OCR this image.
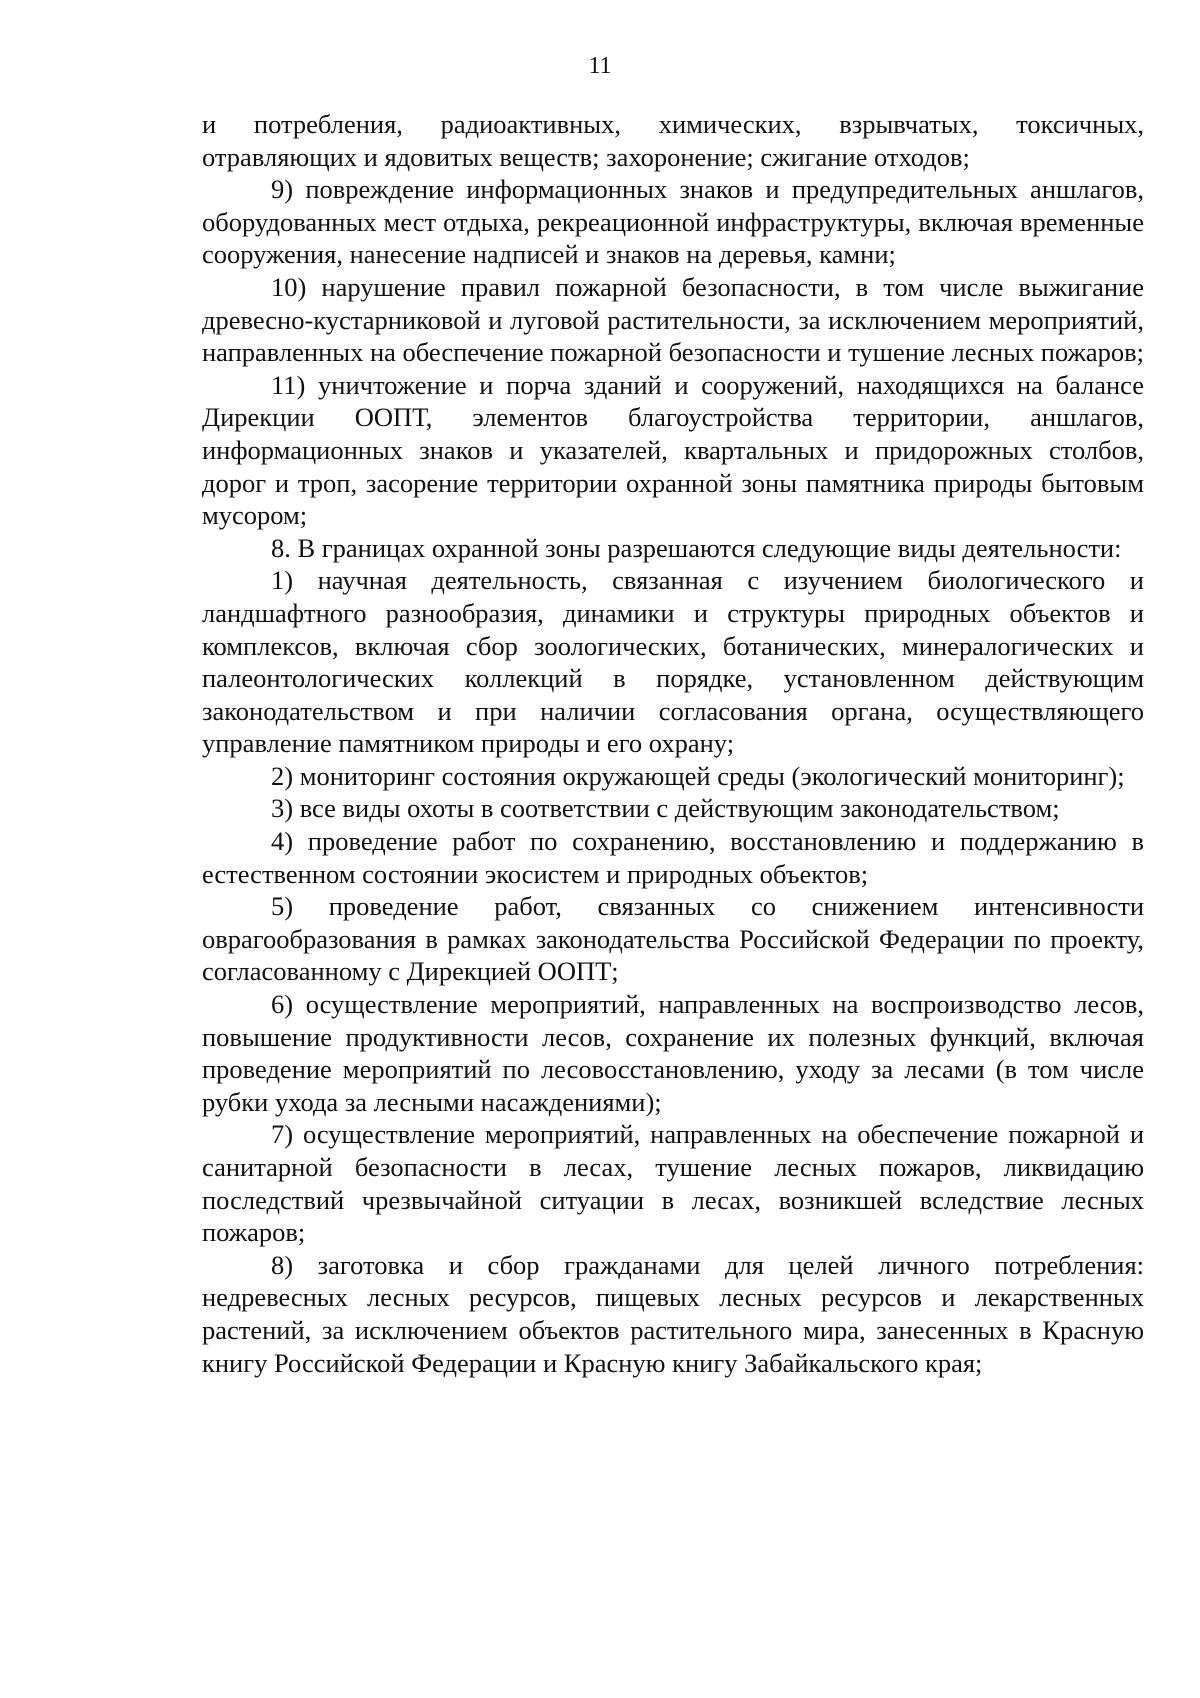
11

и потребления, радиоактивных, химических, взрывчатых, токсичных, отравляющих и ядовитых веществ; захоронение; сжигание отходов;

9) повреждение информационных знаков и предупредительных аншлагов, оборудованных мест отдыха, рекреационной инфраструктуры, включая временные сооружения, нанесение надписей и знаков на деревья, камни;

10) нарушение правил пожарной безопасности, в том числе выжигание древесно-кустарниковой и луговой растительности, за исключением мероприятий, направленных на обеспечение пожарной безопасности и тушение лесных пожаров;

11) уничтожение и порча зданий и сооружений, находящихся на балансе Дирекции ООПТ, элементов благоустройства территории, аншлагов, информационных знаков и указателей, квартальных и придорожных столбов, дорог и троп, засорение территории охранной зоны памятника природы бытовым мусором;

8. В границах охранной зоны разрешаются следующие виды деятельности:

1) научная деятельность, связанная с изучением биологического и ландшафтного разнообразия, динамики и структуры природных объектов и комплексов, включая сбор зоологических, ботанических, минералогических и палеонтологических коллекций в порядке, установленном действующим законодательством и при наличии согласования органа, осуществляющего управление памятником природы и его охрану;

2) мониторинг состояния окружающей среды (экологический мониторинг);

3) все виды охоты в соответствии с действующим законодательством;

4) проведение работ по сохранению, восстановлению и поддержанию в естественном состоянии экосистем и природных объектов;

5) проведение работ, связанных со снижением интенсивности оврагообразования в рамках законодательства Российской Федерации по проекту, согласованному с Дирекцией ООПТ;

6) осуществление мероприятий, направленных на воспроизводство лесов, повышение продуктивности лесов, сохранение их полезных функций, включая проведение мероприятий по лесовосстановлению, уходу за лесами (в том числе рубки ухода за лесными насаждениями);

7) осуществление мероприятий, направленных на обеспечение пожарной и санитарной безопасности в лесах, тушение лесных пожаров, ликвидацию последствий чрезвычайной ситуации в лесах, возникшей вследствие лесных пожаров;

8) заготовка и сбор гражданами для целей личного потребления: недревесных лесных ресурсов, пищевых лесных ресурсов и лекарственных растений, за исключением объектов растительного мира, занесенных в Красную книгу Российской Федерации и Красную книгу Забайкальского края;
